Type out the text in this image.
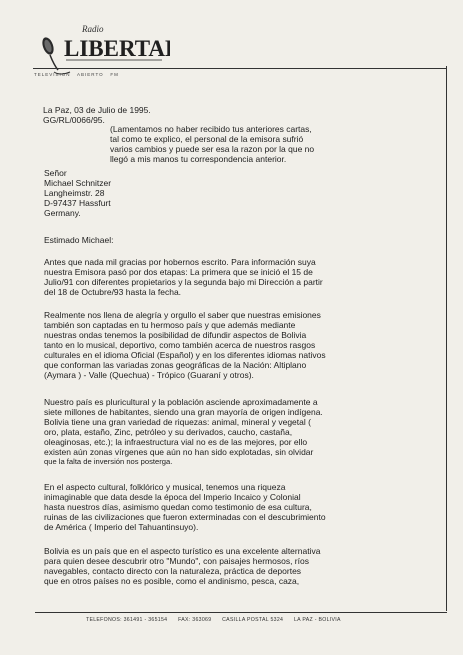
LIBERTAD
Radio
TELEVISION ABIERTO FM
La Paz, 03 de Julio de 1995.
GG/RL/0066/95.
(Lamentamos no haber recibido tus anteriores cartas,
tal como te explico, el personal de la emisora sufrió
varios cambios y puede ser esa la razon por la que no
llegó a mis manos tu correspondencia anterior.
Señor
Michael Schnitzer
Langheimstr. 28
D-97437 Hassfurt
Germany.
Estimado Michael:
Antes que nada mil gracias por hobernos escrito. Para información suya
nuestra Emisora pasó por dos etapas: La primera que se inició el 15 de
Julio/91 con diferentes propietarios y la segunda bajo mi Dirección a partir
del 18 de Octubre/93 hasta la fecha.
Realmente nos llena de alegría y orgullo el saber que nuestras emisiones
también son captadas en tu hermoso país y que además mediante
nuestras ondas tenemos la posibilidad de difundir aspectos de Bolivia
tanto en lo musical, deportivo, como también acerca de nuestros rasgos
culturales en el idioma Oficial (Español) y en los diferentes idiomas nativos
que conforman las variadas zonas geográficas de la Nación: Altiplano
(Aymara ) - Valle (Quechua) - Trópico (Guaraní y otros).
Nuestro país es pluricultural y la población asciende aproximadamente a
siete millones de habitantes, siendo una gran mayoría de origen indígena.
Bolivia tiene una gran variedad de riquezas: animal, mineral y vegetal (
oro, plata, estaño, Zinc, petróleo y su derivados, caucho, castaña,
oleaginosas, etc.); la infraestructura vial no es de las mejores, por ello
existen aún zonas vírgenes que aún no han sido explotadas, sin olvidar
que la falta de inversión nos posterga.
En el aspecto cultural, folklórico y musical, tenemos una riqueza
inimaginable que data desde la época del Imperio Incaico y Colonial
hasta nuestros días, asimismo quedan como testimonio de esa cultura,
ruinas de las civilizaciones que fueron exterminadas con el descubrimiento
de América ( Imperio del Tahuantinsuyo).
Bolivia es un país que en el aspecto turístico es una excelente alternativa
para quien desee descubrir otro "Mundo", con paisajes hermosos, ríos
navegables, contacto directo con la naturaleza, práctica de deportes
que en otros países no es posible, como el andinismo, pesca, caza,
TELEFONOS: 361491 - 365154 FAX: 363069 CASILLA POSTAL 5324 LA PAZ - BOLIVIA
